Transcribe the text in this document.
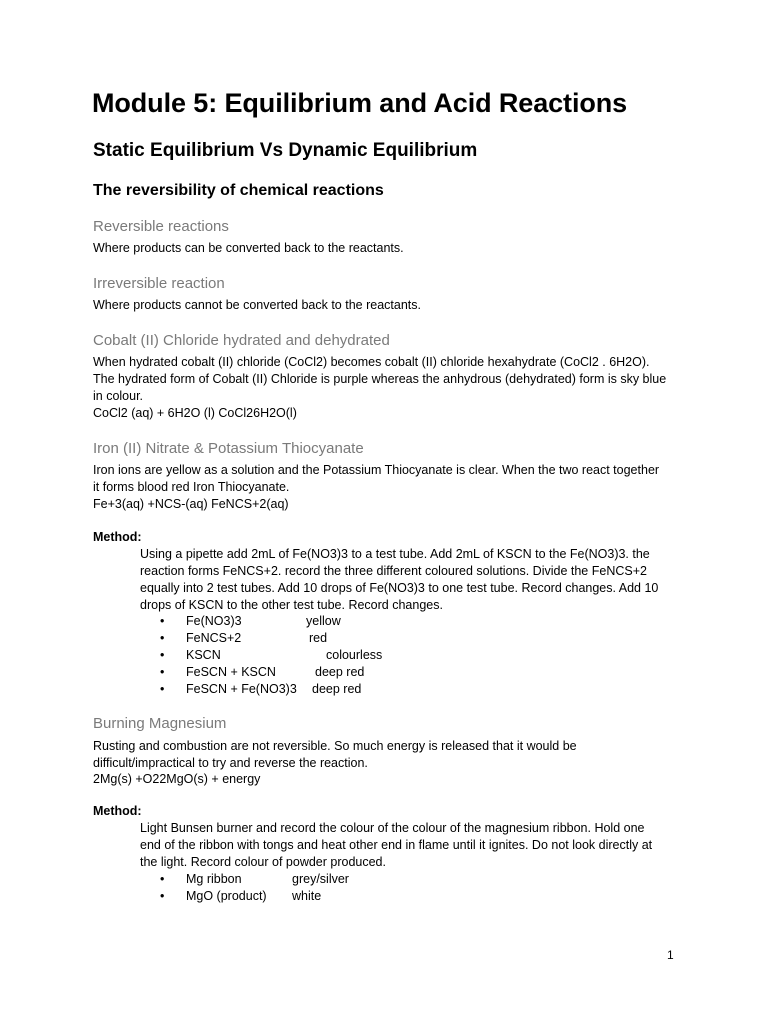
Module 5: Equilibrium and Acid Reactions
Static Equilibrium Vs Dynamic Equilibrium
The reversibility of chemical reactions
Reversible reactions
Where products can be converted back to the reactants.
Irreversible reaction
Where products cannot be converted back to the reactants.
Cobalt (II) Chloride hydrated and dehydrated
When hydrated cobalt (II) chloride (CoCl2) becomes cobalt (II) chloride hexahydrate (CoCl2 . 6H2O).
The hydrated form of Cobalt (II) Chloride is purple whereas the anhydrous (dehydrated) form is sky blue
in colour.
CoCl2 (aq) + 6H2O (l) CoCl26H2O(l)
Iron (II) Nitrate & Potassium Thiocyanate
Iron ions are yellow as a solution and the Potassium Thiocyanate is clear. When the two react together
it forms blood red Iron Thiocyanate.
Fe+3(aq) +NCS-(aq) FeNCS+2(aq)
Method:
Using a pipette add 2mL of Fe(NO3)3 to a test tube. Add 2mL of KSCN to the Fe(NO3)3. the
reaction forms FeNCS+2. record the three different coloured solutions. Divide the FeNCS+2
equally into 2 test tubes. Add 10 drops of Fe(NO3)3 to one test tube. Record changes. Add 10
drops of KSCN to the other test tube. Record changes.
•	Fe(NO3)3	yellow
•	FeNCS+2	red
•	KSCN	colourless
•	FeSCN + KSCN	deep red
•	FeSCN + Fe(NO3)3 deep red
Burning Magnesium
Rusting and combustion are not reversible. So much energy is released that it would be
difficult/impractical to try and reverse the reaction.
2Mg(s) +O22MgO(s) + energy
Method:
Light Bunsen burner and record the colour of the colour of the magnesium ribbon. Hold one
end of the ribbon with tongs and heat other end in flame until it ignites. Do not look directly at
the light. Record colour of powder produced.
•	Mg ribbon	grey/silver
•	MgO (product) white
1
